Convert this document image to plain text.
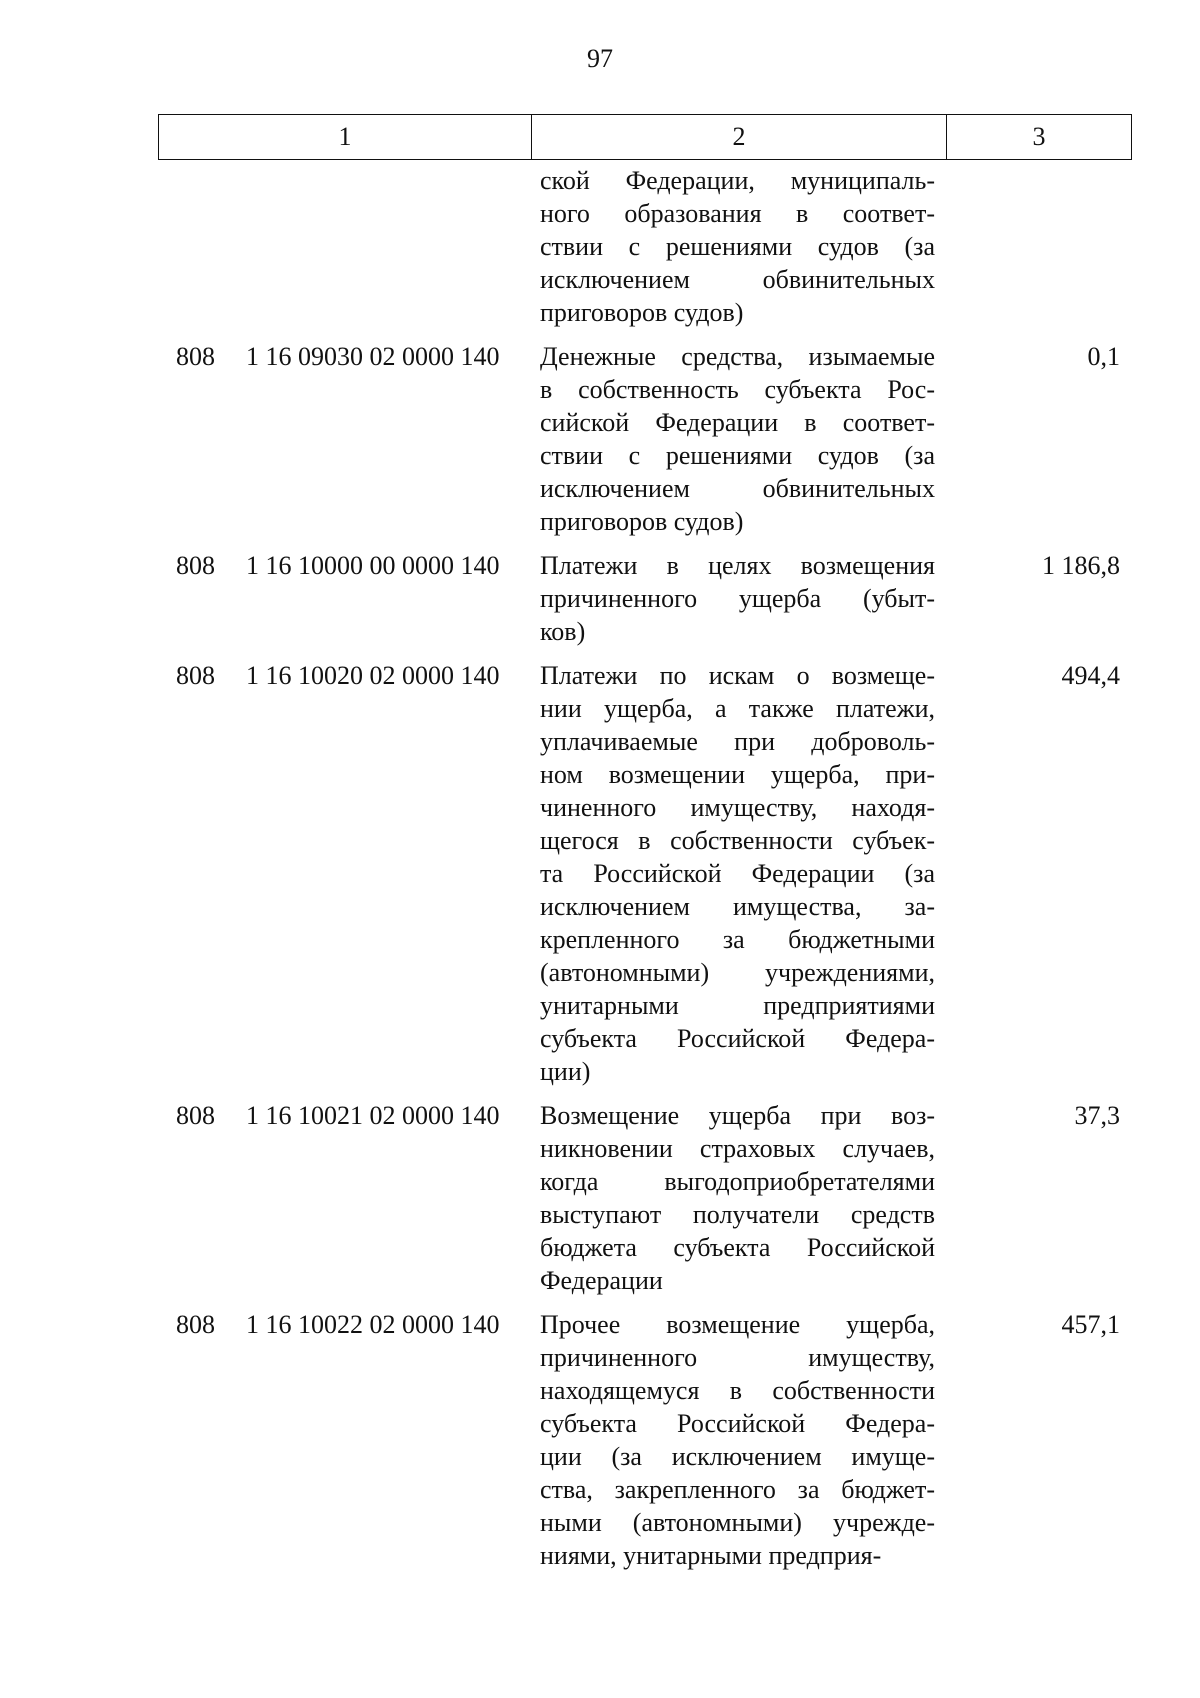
97
1	2	3
ской Федерации, муниципаль-
ного образования в соответ-
ствии с решениями судов (за
исключением обвинительных
приговоров судов)
808	1 16 09030 02 0000 140	Денежные средства, изымаемые
в собственность субъекта Рос-
сийской Федерации в соответ-
ствии с решениями судов (за
исключением обвинительных
приговоров судов)
0,1
808	1 16 10000 00 0000 140	Платежи в целях возмещения
причиненного ущерба (убыт-
ков)
1 186,8
808	1 16 10020 02 0000 140	Платежи по искам о возмеще-
нии ущерба, а также платежи,
уплачиваемые при доброволь-
ном возмещении ущерба, при-
чиненного имуществу, находя-
щегося в собственности субъек-
та Российской Федерации (за
исключением имущества, за-
крепленного за бюджетными
(автономными) учреждениями,
унитарными предприятиями
субъекта Российской Федера-
ции)
494,4
808	1 16 10021 02 0000 140	Возмещение ущерба при воз-
никновении страховых случаев,
когда выгодоприобретателями
выступают получатели средств
бюджета субъекта Российской
Федерации
37,3
808	1 16 10022 02 0000 140	Прочее возмещение ущерба,
причиненного имуществу,
находящемуся в собственности
субъекта Российской Федера-
ции (за исключением имуще-
ства, закрепленного за бюджет-
ными (автономными) учрежде-
ниями, унитарными предприя-
457,1
